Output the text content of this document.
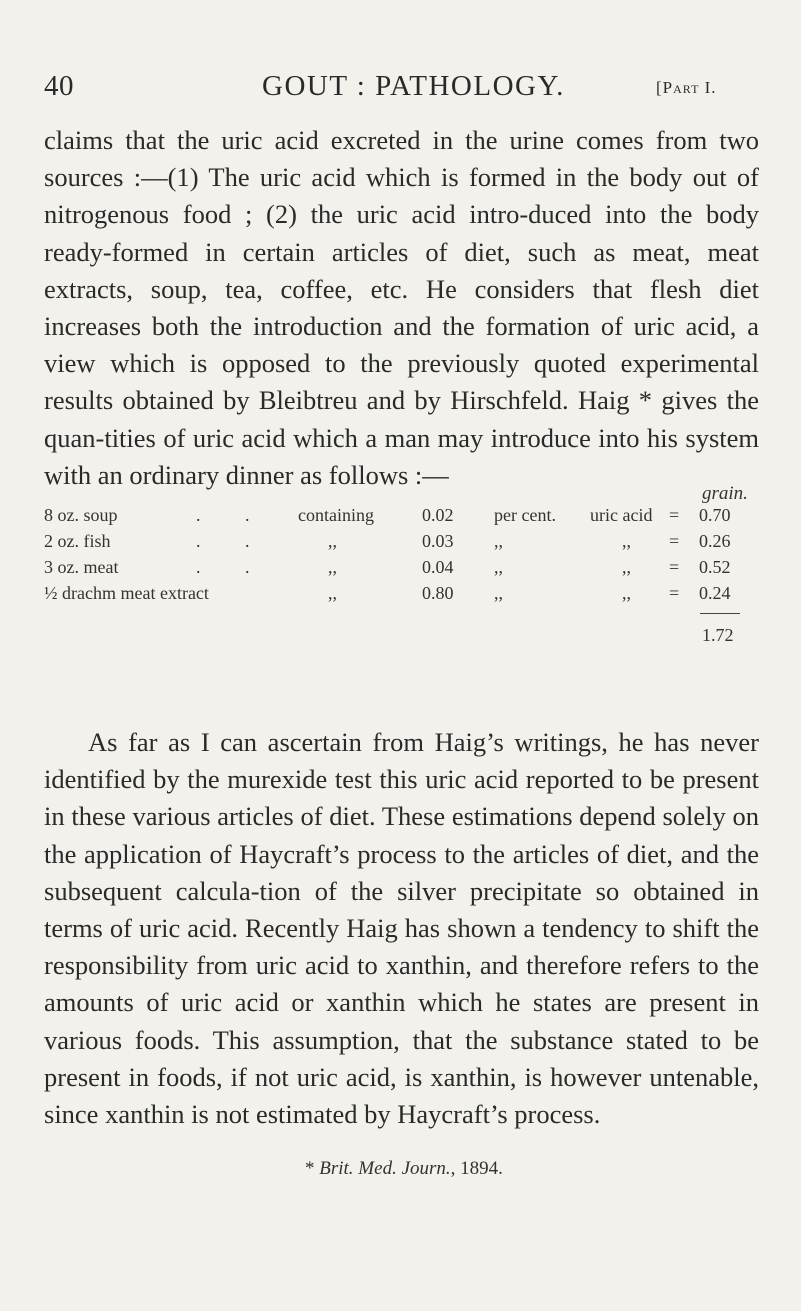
40	GOUT : PATHOLOGY.	[Part I.

claims that the uric acid excreted in the urine comes from two sources :—(1) The uric acid which is formed in the body out of nitrogenous food ; (2) the uric acid intro-duced into the body ready-formed in certain articles of diet, such as meat, meat extracts, soup, tea, coffee, etc. He considers that flesh diet increases both the introduction and the formation of uric acid, a view which is opposed to the previously quoted experimental results obtained by Bleibtreu and by Hirschfeld. Haig * gives the quan-tities of uric acid which a man may introduce into his system with an ordinary dinner as follows :—

grain.
8 oz. soup	. . containing	0.02 per cent. uric acid = 0.70
2 oz. fish	. .	,,	0.03 ,,	,, = 0.26
3 oz. meat	. .	,,	0.04 ,,	,, = 0.52
½ drachm meat extract	,,	0.80 ,,	,, = 0.24
1.72

As far as I can ascertain from Haig’s writings, he has never identified by the murexide test this uric acid reported to be present in these various articles of diet. These estimations depend solely on the application of Haycraft’s process to the articles of diet, and the subsequent calcula-tion of the silver precipitate so obtained in terms of uric acid. Recently Haig has shown a tendency to shift the responsibility from uric acid to xanthin, and therefore refers to the amounts of uric acid or xanthin which he states are present in various foods. This assumption, that the substance stated to be present in foods, if not uric acid, is xanthin, is however untenable, since xanthin is not estimated by Haycraft’s process.

* Brit. Med. Journ., 1894.
